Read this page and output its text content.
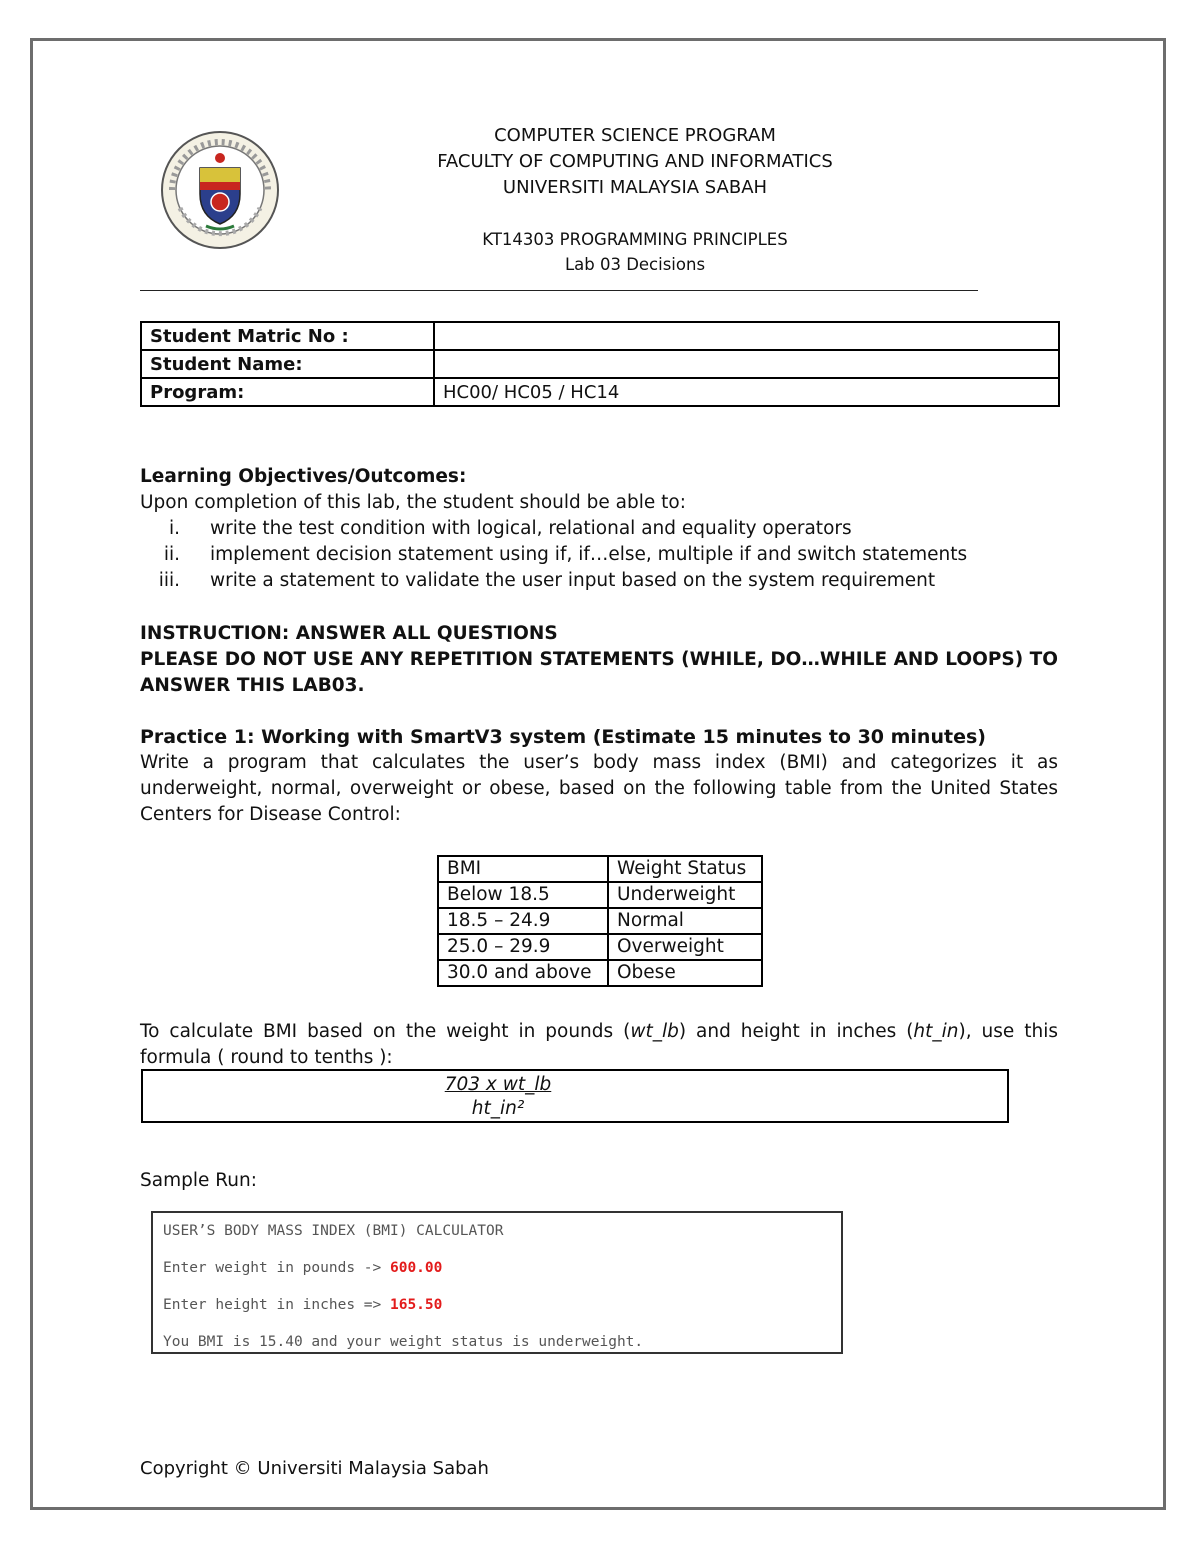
COMPUTER SCIENCE PROGRAM
FACULTY OF COMPUTING AND INFORMATICS
UNIVERSITI MALAYSIA SABAH
KT14303 PROGRAMMING PRINCIPLES
Lab 03 Decisions
Student Matric No :	
Student Name:	
Program:	HC00/ HC05 / HC14
Learning Objectives/Outcomes:
Upon completion of this lab, the student should be able to:
i. write the test condition with logical, relational and equality operators
ii. implement decision statement using if, if…else, multiple if and switch statements
iii. write a statement to validate the user input based on the system requirement
INSTRUCTION: ANSWER ALL QUESTIONS
PLEASE DO NOT USE ANY REPETITION STATEMENTS (WHILE, DO…WHILE AND LOOPS) TO ANSWER THIS LAB03.
Practice 1: Working with SmartV3 system (Estimate 15 minutes to 30 minutes)
Write a program that calculates the user’s body mass index (BMI) and categorizes it as underweight, normal, overweight or obese, based on the following table from the United States Centers for Disease Control:
BMI	Weight Status
Below 18.5	Underweight
18.5 – 24.9	Normal
25.0 – 29.9	Overweight
30.0 and above	Obese
To calculate BMI based on the weight in pounds (wt_lb) and height in inches (ht_in), use this formula ( round to tenths ):
$\frac{\text{703 x wt\_lb}}{\text{ht\_in²}}$
Sample Run:
USER’S BODY MASS INDEX (BMI) CALCULATOR
Enter weight in pounds -> 600.00
Enter height in inches => 165.50
You BMI is 15.40 and your weight status is underweight.
Copyright © Universiti Malaysia Sabah
